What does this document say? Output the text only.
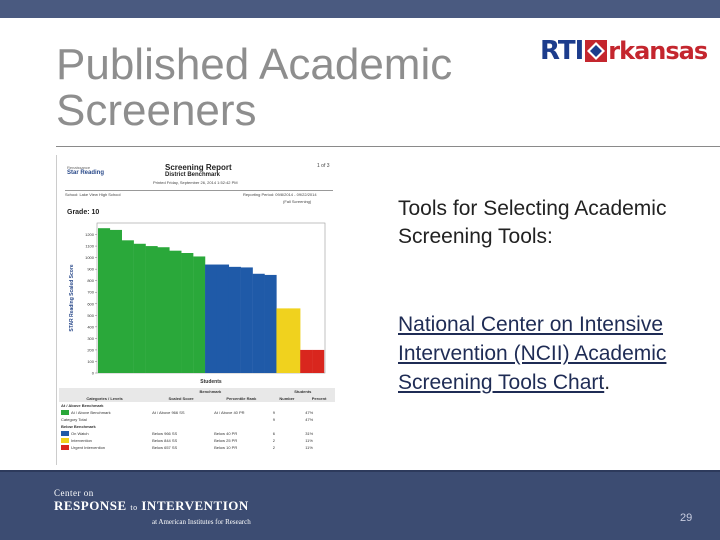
Published Academic Screeners
RTI rkansas
Renaissance
Star Reading
Screening Report
District Benchmark
Printed Friday, September 26, 2014 1:52:42 PM
1 of 3
School: Lake View High School	Reporting Period: 09/8/2014 - 09/22/2014
(Fall Screening)
Grade: 10
0
100
200
300
400
500
600
700
800
900
1000
1100
1200
STAR Reading Scaled Score
Students
	Benchmark		Students	
Categories / Levels	Scaled Score	Percentile Rank	Number	Percent
At / Above Benchmark				
At / Above Benchmark	At / Above 966 SS	At / Above 40 PR	9	47%
Category Total			9	47%
Below Benchmark				
On Watch	Below 966 SS	Below 40 PR	6	31%
Intervention	Below 844 SS	Below 25 PR	2	11%
Urgent Intervention	Below 657 SS	Below 10 PR	2	11%
Tools for Selecting Academic Screening Tools:
National Center on Intensive Intervention (NCII) Academic Screening Tools Chart.
Center on
RESPONSE to INTERVENTION
at American Institutes for Research	29
